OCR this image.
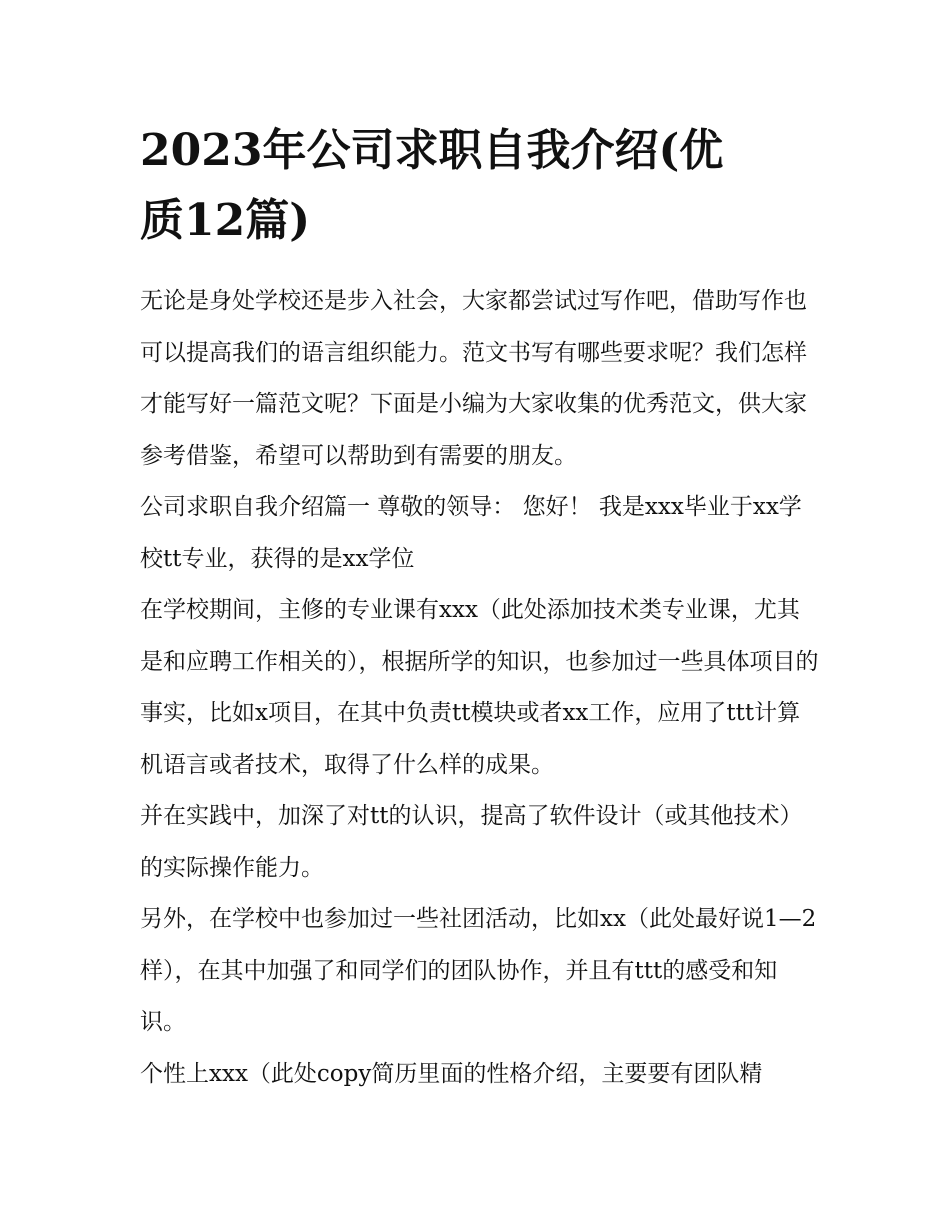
2023年公司求职自我介绍(优
质12篇)

无论是身处学校还是步入社会，大家都尝试过写作吧，借助写作也可以提高我们的语言组织能力。范文书写有哪些要求呢？我们怎样才能写好一篇范文呢？下面是小编为大家收集的优秀范文，供大家参考借鉴，希望可以帮助到有需要的朋友。

公司求职自我介绍篇一 尊敬的领导： 您好！ 我是xxx毕业于xx学校tt专业，获得的是xx学位

在学校期间，主修的专业课有xxx（此处添加技术类专业课，尤其是和应聘工作相关的），根据所学的知识，也参加过一些具体项目的事实，比如x项目，在其中负责tt模块或者xx工作，应用了ttt计算机语言或者技术，取得了什么样的成果。

并在实践中，加深了对tt的认识，提高了软件设计（或其他技术）的实际操作能力。

另外，在学校中也参加过一些社团活动，比如xx（此处最好说1—2样），在其中加强了和同学们的团队协作，并且有ttt的感受和知识。

个性上xxx（此处copy简历里面的性格介绍，主要要有团队精
